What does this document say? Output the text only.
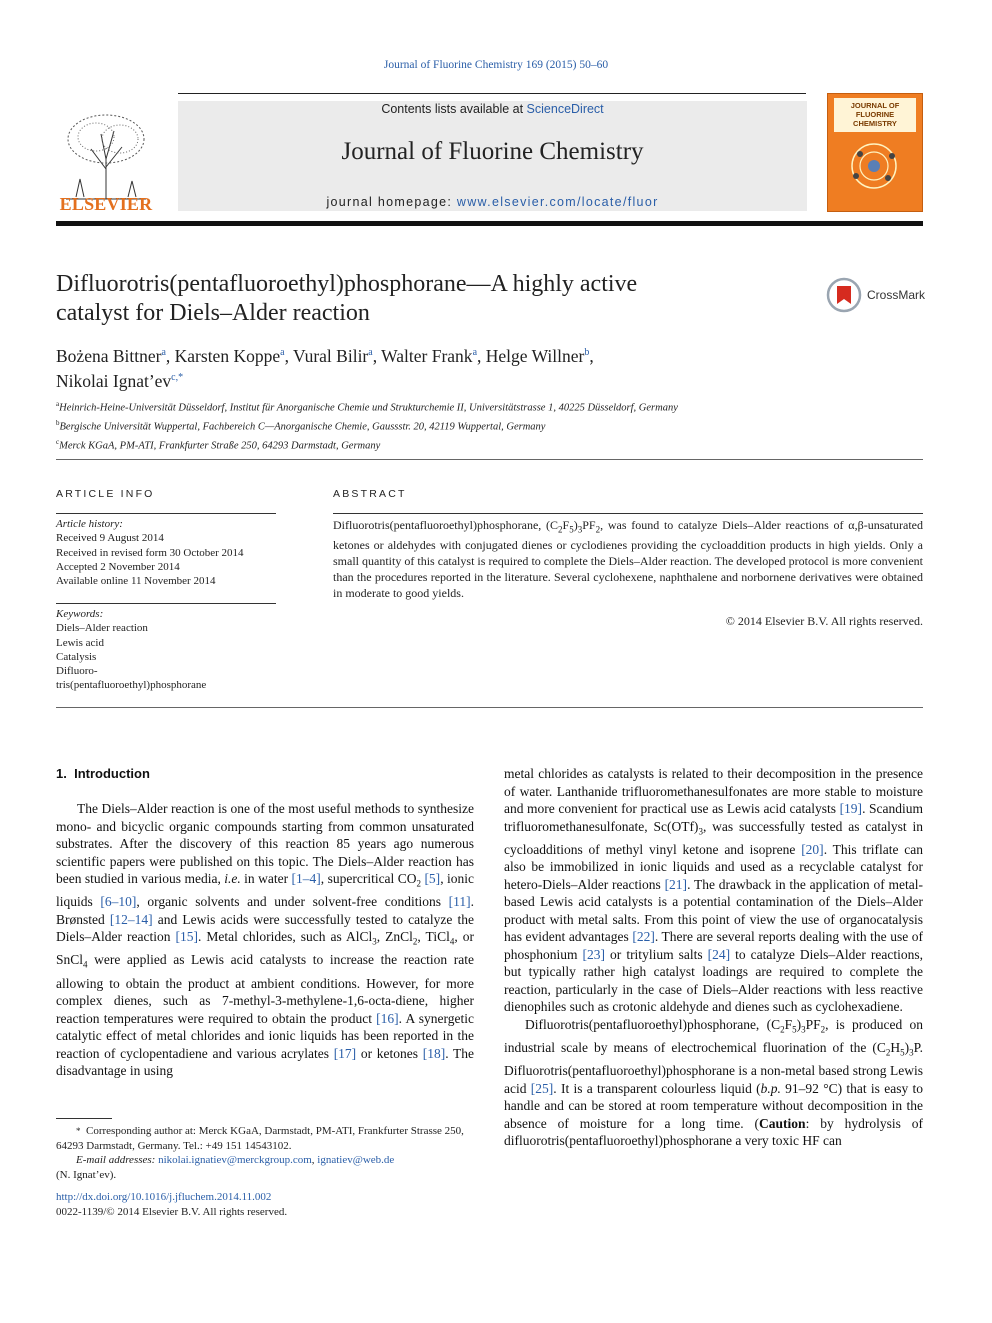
Journal of Fluorine Chemistry 169 (2015) 50–60
ELSEVIER
Contents lists available at ScienceDirect
Journal of Fluorine Chemistry
journal homepage: www.elsevier.com/locate/fluor
JOURNAL OF FLUORINE CHEMISTRY
Difluorotris(pentafluoroethyl)phosphorane—A highly active
catalyst for Diels–Alder reaction
CrossMark
Bożena Bittner$^a$, Karsten Koppe$^a$, Vural Bilir$^a$, Walter Frank$^a$, Helge Willner$^b$,
Nikolai $Ignat’ev^{c,*}$
$^a$Heinrich-Heine-Universität Düsseldorf, Institut für Anorganische Chemie und Strukturchemie II, Universitätstrasse 1, 40225 Düsseldorf, Germany
$^b$Bergische Universität Wuppertal, Fachbereich C—Anorganische Chemie, Gaussstr. 20, 42119 Wuppertal, Germany
$^c$Merck KGaA, PM-ATI, Frankfurter Straße 250, 64293 Darmstadt, Germany
ARTICLE INFO
Article history:
Received 9 August 2014
Received in revised form 30 October 2014
Accepted 2 November 2014
Available online 11 November 2014
Keywords:
Diels–Alder reaction
Lewis acid
Catalysis
Difluoro-
tris(pentafluoroethyl)phosphorane
ABSTRACT
Difluorotris(pentafluoroethyl)phosphorane, $(C_2F_5)_3PF_2$, was found to catalyze Diels–Alder reactions of α,β-unsaturated ketones or aldehydes with conjugated dienes or cyclodienes providing the cycloaddition products in high yields. Only a small quantity of this catalyst is required to complete the Diels–Alder reaction. The developed protocol is more convenient than the procedures reported in the literature. Several cyclohexene, naphthalene and norbornene derivatives were obtained in moderate to good yields.
© 2014 Elsevier B.V. All rights reserved.
1. Introduction

The Diels–Alder reaction is one of the most useful methods to synthesize mono- and bicyclic organic compounds starting from common unsaturated substrates. After the discovery of this reaction 85 years ago numerous scientific papers were published on this topic. The Diels–Alder reaction has been studied in various media, i.e. in water [1–4], supercritical $CO_2$ [5], ionic liquids [6–10], organic solvents and under solvent-free conditions [11]. Brønsted [12–14] and Lewis acids were successfully tested to catalyze the Diels–Alder reaction [15]. Metal chlorides, such as AlCl$_3$, ZnCl$_2$, TiCl$_4$, or SnCl$_4$ were applied as Lewis acid catalysts to increase the reaction rate allowing to obtain the product at ambient conditions. However, for more complex dienes, such as 7-methyl-3-methylene-1,6-octa-diene, higher reaction temperatures were required to obtain the product [16]. A synergetic catalytic effect of metal chlorides and ionic liquids has been reported in the reaction of cyclopentadiene and various acrylates [17] or ketones [18]. The disadvantage in using

* Corresponding author at: Merck KGaA, Darmstadt, PM-ATI, Frankfurter Strasse 250, 64293 Darmstadt, Germany. Tel.: +49 151 14543102.
E-mail addresses: nikolai.ignatiev@merckgroup.com, ignatiev@web.de
(N. Ignat’ev).
http://dx.doi.org/10.1016/j.jfluchem.2014.11.002
0022-1139/© 2014 Elsevier B.V. All rights reserved.

metal chlorides as catalysts is related to their decomposition in the presence of water. Lanthanide trifluoromethanesulfonates are more stable to moisture and more convenient for practical use as Lewis acid catalysts [19]. Scandium trifluoromethanesulfonate, $Sc(OTf)_3$, was successfully tested as catalyst in cycloadditions of methyl vinyl ketone and isoprene [20]. This triflate can also be immobilized in ionic liquids and used as a recyclable catalyst for hetero-Diels–Alder reactions [21]. The drawback in the application of metal-based Lewis acid catalysts is a potential contamination of the Diels–Alder product with metal salts. From this point of view the use of organocatalysis has evident advantages [22]. There are several reports dealing with the use of phosphonium [23] or tritylium salts [24] to catalyze Diels–Alder reactions, but typically rather high catalyst loadings are required to complete the reaction, particularly in the case of Diels–Alder reactions with less reactive dienophiles such as crotonic aldehyde and dienes such as cyclohexadiene.

Difluorotris(pentafluoroethyl)phosphorane, $(C_2F_5)_3PF_2$, is produced on industrial scale by means of electrochemical fluorination of the $(C_2H_5)_3P$. Difluorotris(pentafluoroethyl)phosphorane is a non-metal based strong Lewis acid [25]. It is a transparent colourless liquid (b.p. 91–92 °C) that is easy to handle and can be stored at room temperature without decomposition in the absence of moisture for a long time. (Caution: by hydrolysis of difluorotris(pentafluoroethyl)phosphorane a very toxic HF can
